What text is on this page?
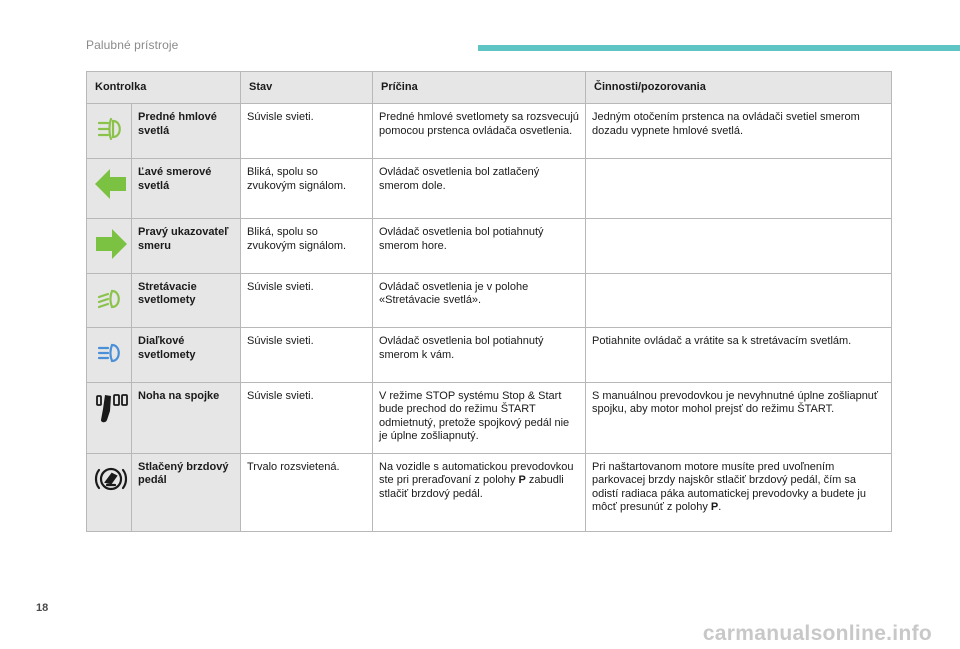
Palubné prístroje
Kontrolka		Stav	Príčina	Činnosti/pozorovania

	Predné hmlové svetlá	Súvisle svieti.	Predné hmlové svetlomety sa rozsvecujú pomocou prstenca ovládača osvetlenia.	Jedným otočením prstenca na ovládači svetiel smerom dozadu vypnete hmlové svetlá.

	Ľavé smerové svetlá	Bliká, spolu so zvukovým signálom.	Ovládač osvetlenia bol zatlačený smerom dole.	

	Pravý ukazovateľ smeru	Bliká, spolu so zvukovým signálom.	Ovládač osvetlenia bol potiahnutý smerom hore.	

	Stretávacie svetlomety	Súvisle svieti.	Ovládač osvetlenia je v polohe «Stretávacie svetlá».	

	Diaľkové svetlomety	Súvisle svieti.	Ovládač osvetlenia bol potiahnutý smerom k vám.	Potiahnite ovládač a vrátite sa k stretávacím svetlám.

	Noha na spojke	Súvisle svieti.	V režime STOP systému Stop & Start bude prechod do režimu ŠTART odmietnutý, pretože spojkový pedál nie je úplne zošliapnutý.	S manuálnou prevodovkou je nevyhnutné úplne zošliapnuť spojku, aby motor mohol prejsť do režimu ŠTART.

	Stlačený brzdový pedál	Trvalo rozsvietená.	Na vozidle s automatickou prevodovkou ste pri preraďovaní z polohy P zabudli stlačiť brzdový pedál.	Pri naštartovanom motore musíte pred uvoľnením parkovacej brzdy najskôr stlačiť brzdový pedál, čím sa odistí radiaca páka automatickej prevodovky a budete ju môcť presunúť z polohy P.
18
carmanualsonline.info
